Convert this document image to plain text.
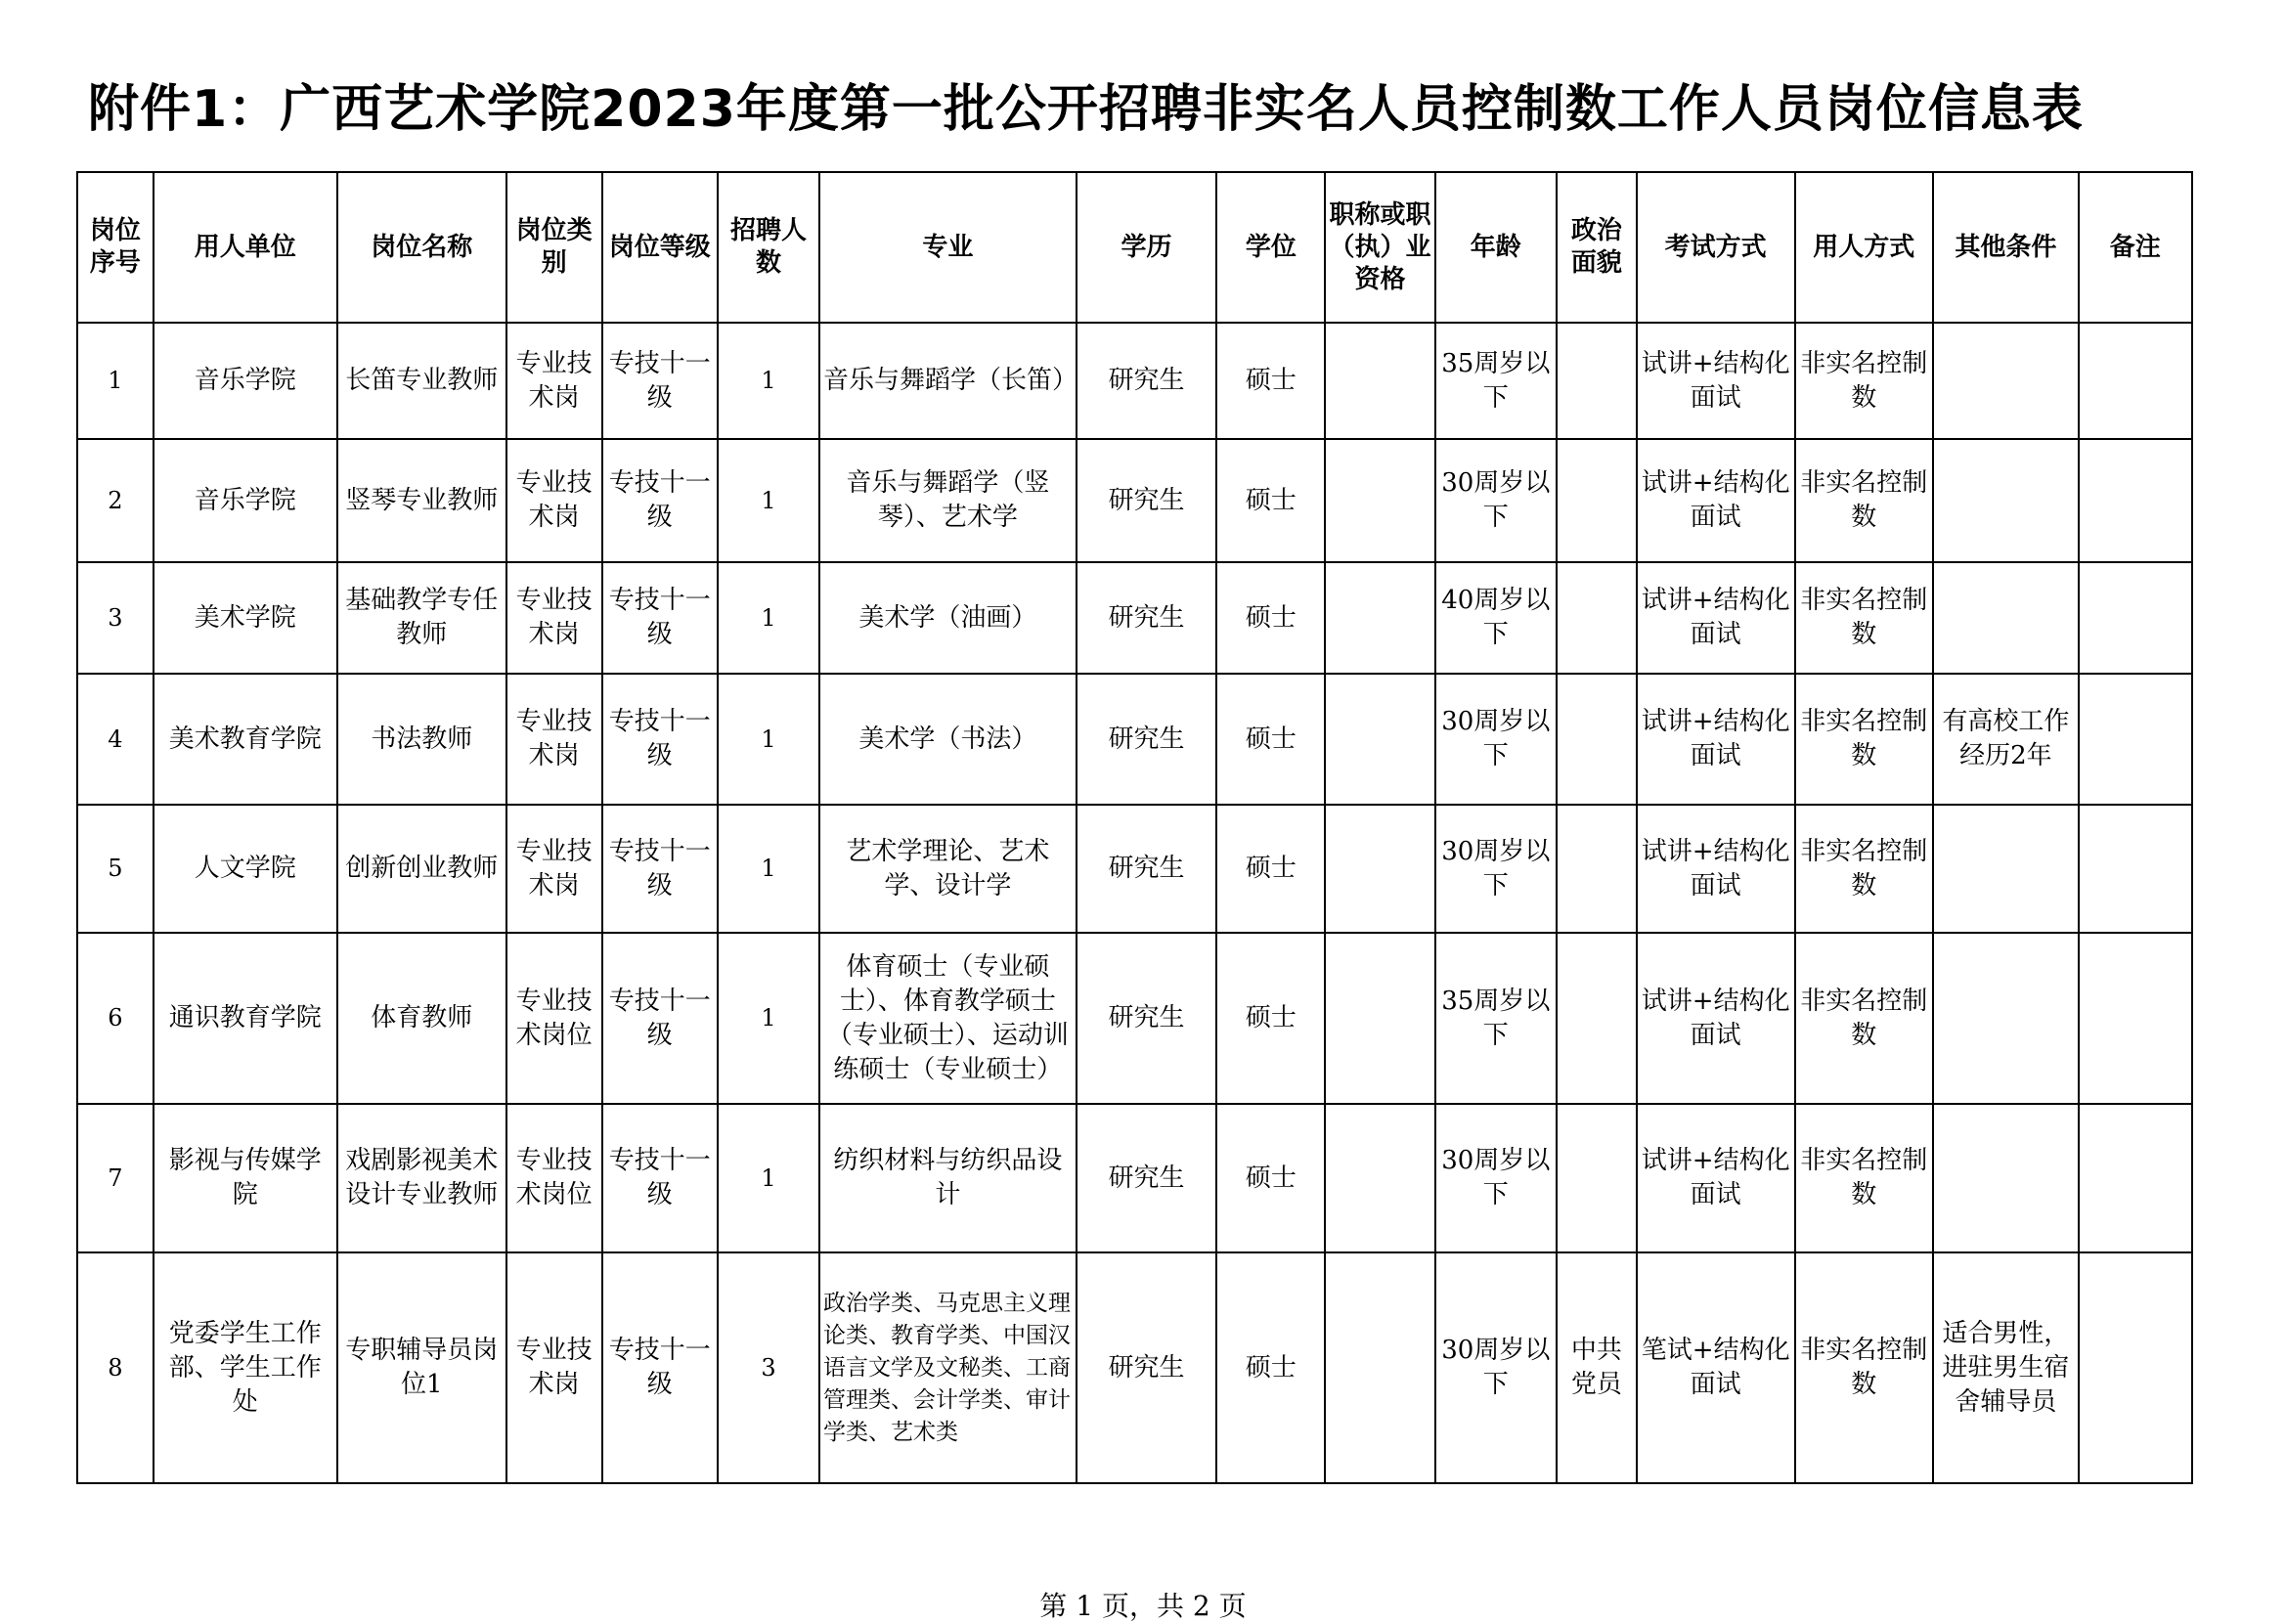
附件1：广西艺术学院2023年度第一批公开招聘非实名人员控制数工作人员岗位信息表
岗位序号	用人单位	岗位名称	岗位类别	岗位等级	招聘人数	专业	学历	学位	职称或职（执）业资格	年龄	政治面貌	考试方式	用人方式	其他条件	备注
1	音乐学院	长笛专业教师	专业技术岗	专技十一级	1	音乐与舞蹈学（长笛）	研究生	硕士		35周岁以下		试讲+结构化面试	非实名控制数		
2	音乐学院	竖琴专业教师	专业技术岗	专技十一级	1	音乐与舞蹈学（竖琴）、艺术学	研究生	硕士		30周岁以下		试讲+结构化面试	非实名控制数		
3	美术学院	基础教学专任教师	专业技术岗	专技十一级	1	美术学（油画）	研究生	硕士		40周岁以下		试讲+结构化面试	非实名控制数		
4	美术教育学院	书法教师	专业技术岗	专技十一级	1	美术学（书法）	研究生	硕士		30周岁以下		试讲+结构化面试	非实名控制数	有高校工作经历2年	
5	人文学院	创新创业教师	专业技术岗	专技十一级	1	艺术学理论、艺术学、设计学	研究生	硕士		30周岁以下		试讲+结构化面试	非实名控制数		
6	通识教育学院	体育教师	专业技术岗位	专技十一级	1	体育硕士（专业硕士）、体育教学硕士（专业硕士）、运动训练硕士（专业硕士）	研究生	硕士		35周岁以下		试讲+结构化面试	非实名控制数		
7	影视与传媒学院	戏剧影视美术设计专业教师	专业技术岗位	专技十一级	1	纺织材料与纺织品设计	研究生	硕士		30周岁以下		试讲+结构化面试	非实名控制数		
8	党委学生工作部、学生工作处	专职辅导员岗位1	专业技术岗	专技十一级	3	政治学类、马克思主义理论类、教育学类、中国汉语言文学及文秘类、工商管理类、会计学类、审计学类、艺术类	研究生	硕士		30周岁以下	中共党员	笔试+结构化面试	非实名控制数	适合男性，进驻男生宿舍辅导员	
第 1 页，共 2 页
